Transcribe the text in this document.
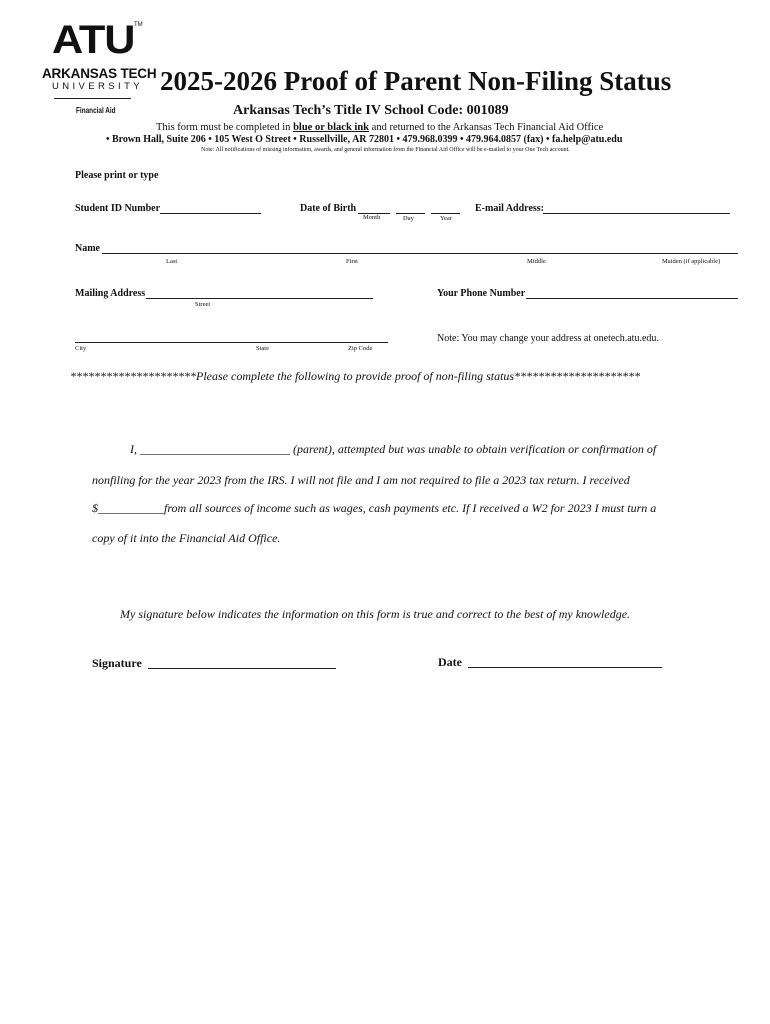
ATU TM
ARKANSAS TECH
UNIVERSITY
Financial Aid
2025-2026 Proof of Parent Non-Filing Status
Arkansas Tech’s Title IV School Code: 001089
This form must be completed in blue or black ink and returned to the Arkansas Tech Financial Aid Office
• Brown Hall, Suite 206 • 105 West O Street • Russellville, AR 72801 • 479.968.0399 • 479.964.0857 (fax) • fa.help@atu.edu
Note: All notifications of missing information, awards, and general information from the Financial Aid Office will be e-mailed to your One Tech account.
Please print or type
Student ID Number	Date of Birth
Month	Day	Year
E-mail Address:
Name
Last	First	Middle	Maiden (if applicable)
Mailing Address
Street
Your Phone Number
City	State	Zip Code
Note: You may change your address at onetech.atu.edu.
*********************Please complete the following to provide proof of non-filing status*********************
I, _________________________ (parent), attempted but was unable to obtain verification or confirmation of
nonfiling for the year 2023 from the IRS. I will not file and I am not required to file a 2023 tax return. I received
$___________from all sources of income such as wages, cash payments etc. If I received a W2 for 2023 I must turn a
copy of it into the Financial Aid Office.
My signature below indicates the information on this form is true and correct to the best of my knowledge.
Signature	Date
